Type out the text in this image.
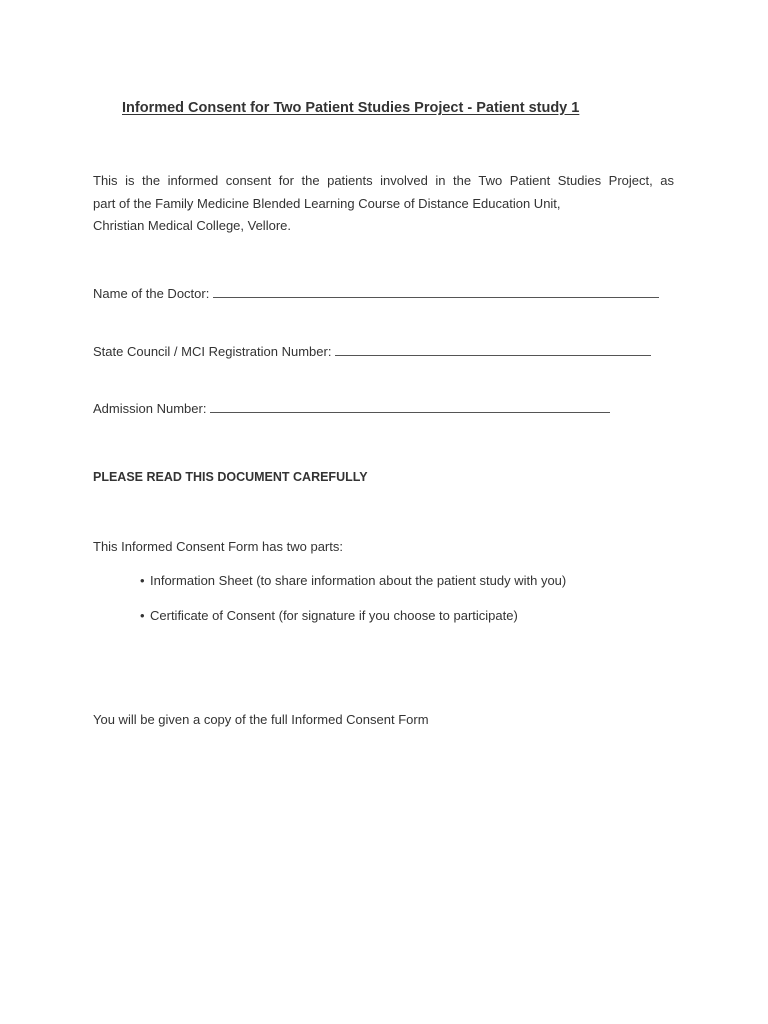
Informed Consent for Two Patient Studies Project - Patient study 1
This is the informed consent for the patients involved in the Two Patient Studies Project, as
part of the Family Medicine Blended Learning Course of Distance Education Unit,
Christian Medical College, Vellore.
Name of the Doctor:
State Council / MCI Registration Number:
Admission Number:
PLEASE READ THIS DOCUMENT CAREFULLY
This Informed Consent Form has two parts:
• Information Sheet (to share information about the patient study with you)
• Certificate of Consent (for signature if you choose to participate)
You will be given a copy of the full Informed Consent Form
